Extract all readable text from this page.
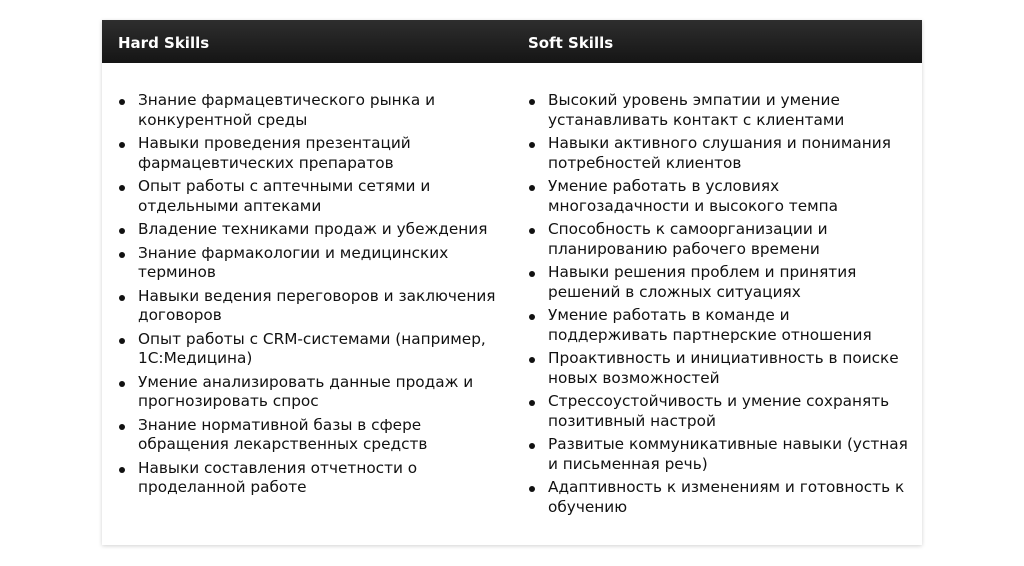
Hard Skills	Soft Skills
Знание фармацевтического рынка и конкурентной среды
Навыки проведения презентаций фармацевтических препаратов
Опыт работы с аптечными сетями и отдельными аптеками
Владение техниками продаж и убеждения
Знание фармакологии и медицинских терминов
Навыки ведения переговоров и заключения договоров
Опыт работы с CRM-системами (например, 1С:Медицина)
Умение анализировать данные продаж и прогнозировать спрос
Знание нормативной базы в сфере обращения лекарственных средств
Навыки составления отчетности о проделанной работе
Высокий уровень эмпатии и умение устанавливать контакт с клиентами
Навыки активного слушания и понимания потребностей клиентов
Умение работать в условиях многозадачности и высокого темпа
Способность к самоорганизации и планированию рабочего времени
Навыки решения проблем и принятия решений в сложных ситуациях
Умение работать в команде и поддерживать партнерские отношения
Проактивность и инициативность в поиске новых возможностей
Стрессоустойчивость и умение сохранять позитивный настрой
Развитые коммуникативные навыки (устная и письменная речь)
Адаптивность к изменениям и готовность к обучению
